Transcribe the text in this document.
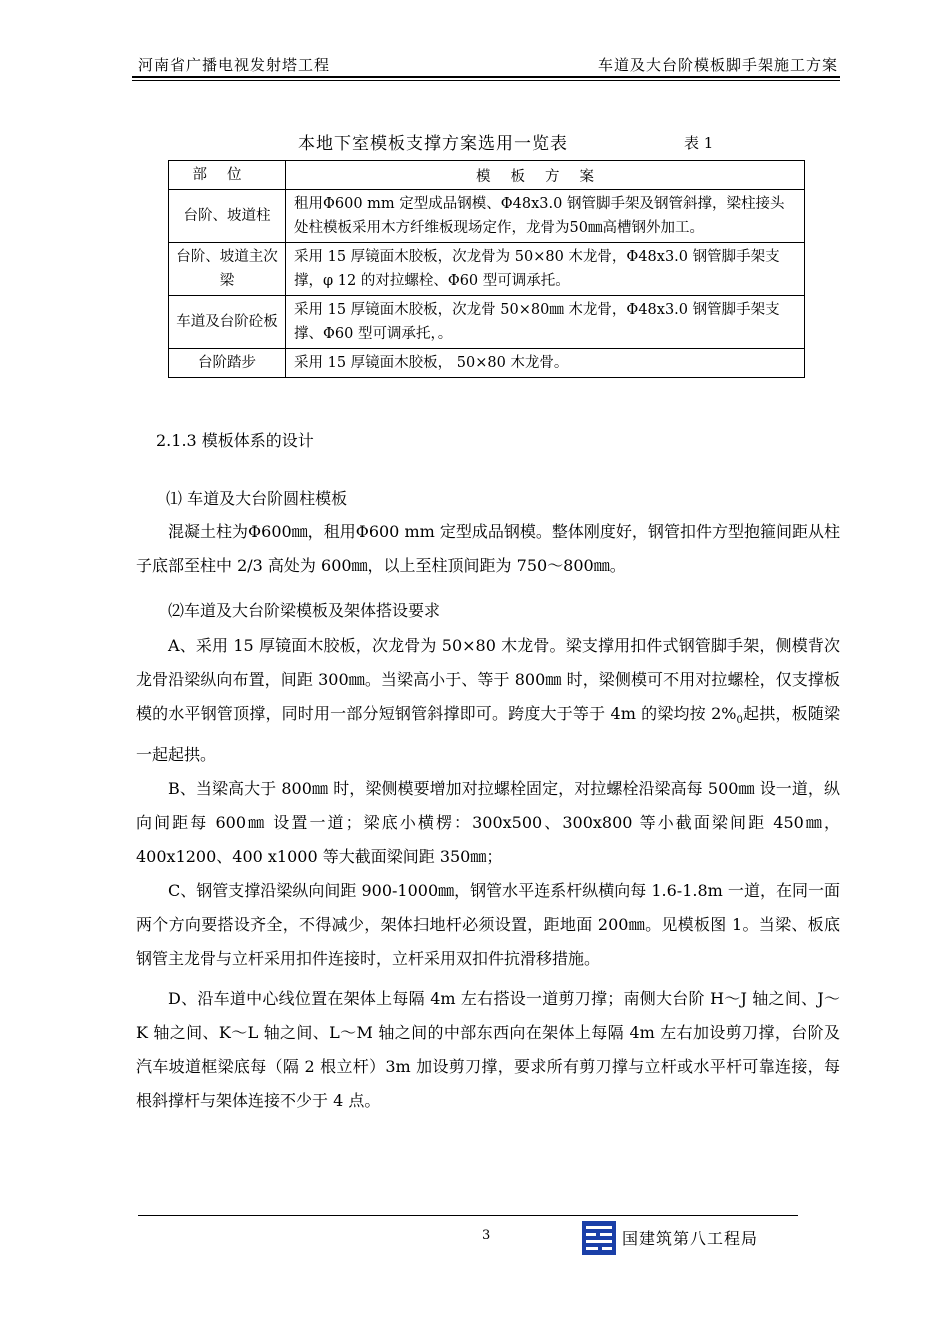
河南省广播电视发射塔工程	车道及大台阶模板脚手架施工方案
本地下室模板支撑方案选用一览表	表 1
部位	模板方案
台阶、坡道柱	租用Φ600 mm 定型成品钢模、Φ48x3.0 钢管脚手架及钢管斜撑，梁柱接头处柱模板采用木方纤维板现场定作，龙骨为50㎜高槽钢外加工。
台阶、坡道主次梁	采用 15 厚镜面木胶板，次龙骨为 50×80 木龙骨，Φ48x3.0 钢管脚手架支撑，φ 12 的对拉螺栓、Φ60 型可调承托。
车道及台阶砼板	采用 15 厚镜面木胶板，次龙骨 50×80㎜ 木龙骨，Φ48x3.0 钢管脚手架支撑、Φ60 型可调承托，。
台阶踏步	采用 15 厚镜面木胶板， 50×80 木龙骨。
2.1.3 模板体系的设计
⑴ 车道及大台阶圆柱模板

混凝土柱为Φ600㎜，租用Φ600 mm 定型成品钢模。整体刚度好，钢管扣件方型抱箍间距从柱子底部至柱中 2/3 高处为 600㎜，以上至柱顶间距为 750～800㎜。

⑵车道及大台阶梁模板及架体搭设要求

A、采用 15 厚镜面木胶板，次龙骨为 50×80 木龙骨。梁支撑用扣件式钢管脚手架，侧模背次龙骨沿梁纵向布置，间距 300㎜。当梁高小于、等于 800㎜ 时，梁侧模可不用对拉螺栓，仅支撑板模的水平钢管顶撑，同时用一部分短钢管斜撑即可。跨度大于等于 4m 的梁均按 $2\%_0$起拱，板随梁一起起拱。

B、当梁高大于 800㎜ 时，梁侧模要增加对拉螺栓固定，对拉螺栓沿梁高每 500㎜ 设一道，纵向间距每 600㎜ 设置一道；梁底小横楞：300x500、300x800 等小截面梁间距 450㎜，400x1200、400 x1000 等大截面梁间距 350㎜；

C、钢管支撑沿梁纵向间距 900-1000㎜，钢管水平连系杆纵横向每 1.6-1.8m 一道，在同一面两个方向要搭设齐全，不得减少，架体扫地杆必须设置，距地面 200㎜。见模板图 1。当梁、板底钢管主龙骨与立杆采用扣件连接时，立杆采用双扣件抗滑移措施。

D、沿车道中心线位置在架体上每隔 4m 左右搭设一道剪刀撑；南侧大台阶 H～J 轴之间、J～K 轴之间、K～L 轴之间、L～M 轴之间的中部东西向在架体上每隔 4m 左右加设剪刀撑，台阶及汽车坡道框梁底每（隔 2 根立杆）3m 加设剪刀撑，要求所有剪刀撑与立杆或水平杆可靠连接，每根斜撑杆与架体连接不少于 4 点。

3	国建筑第八工程局
